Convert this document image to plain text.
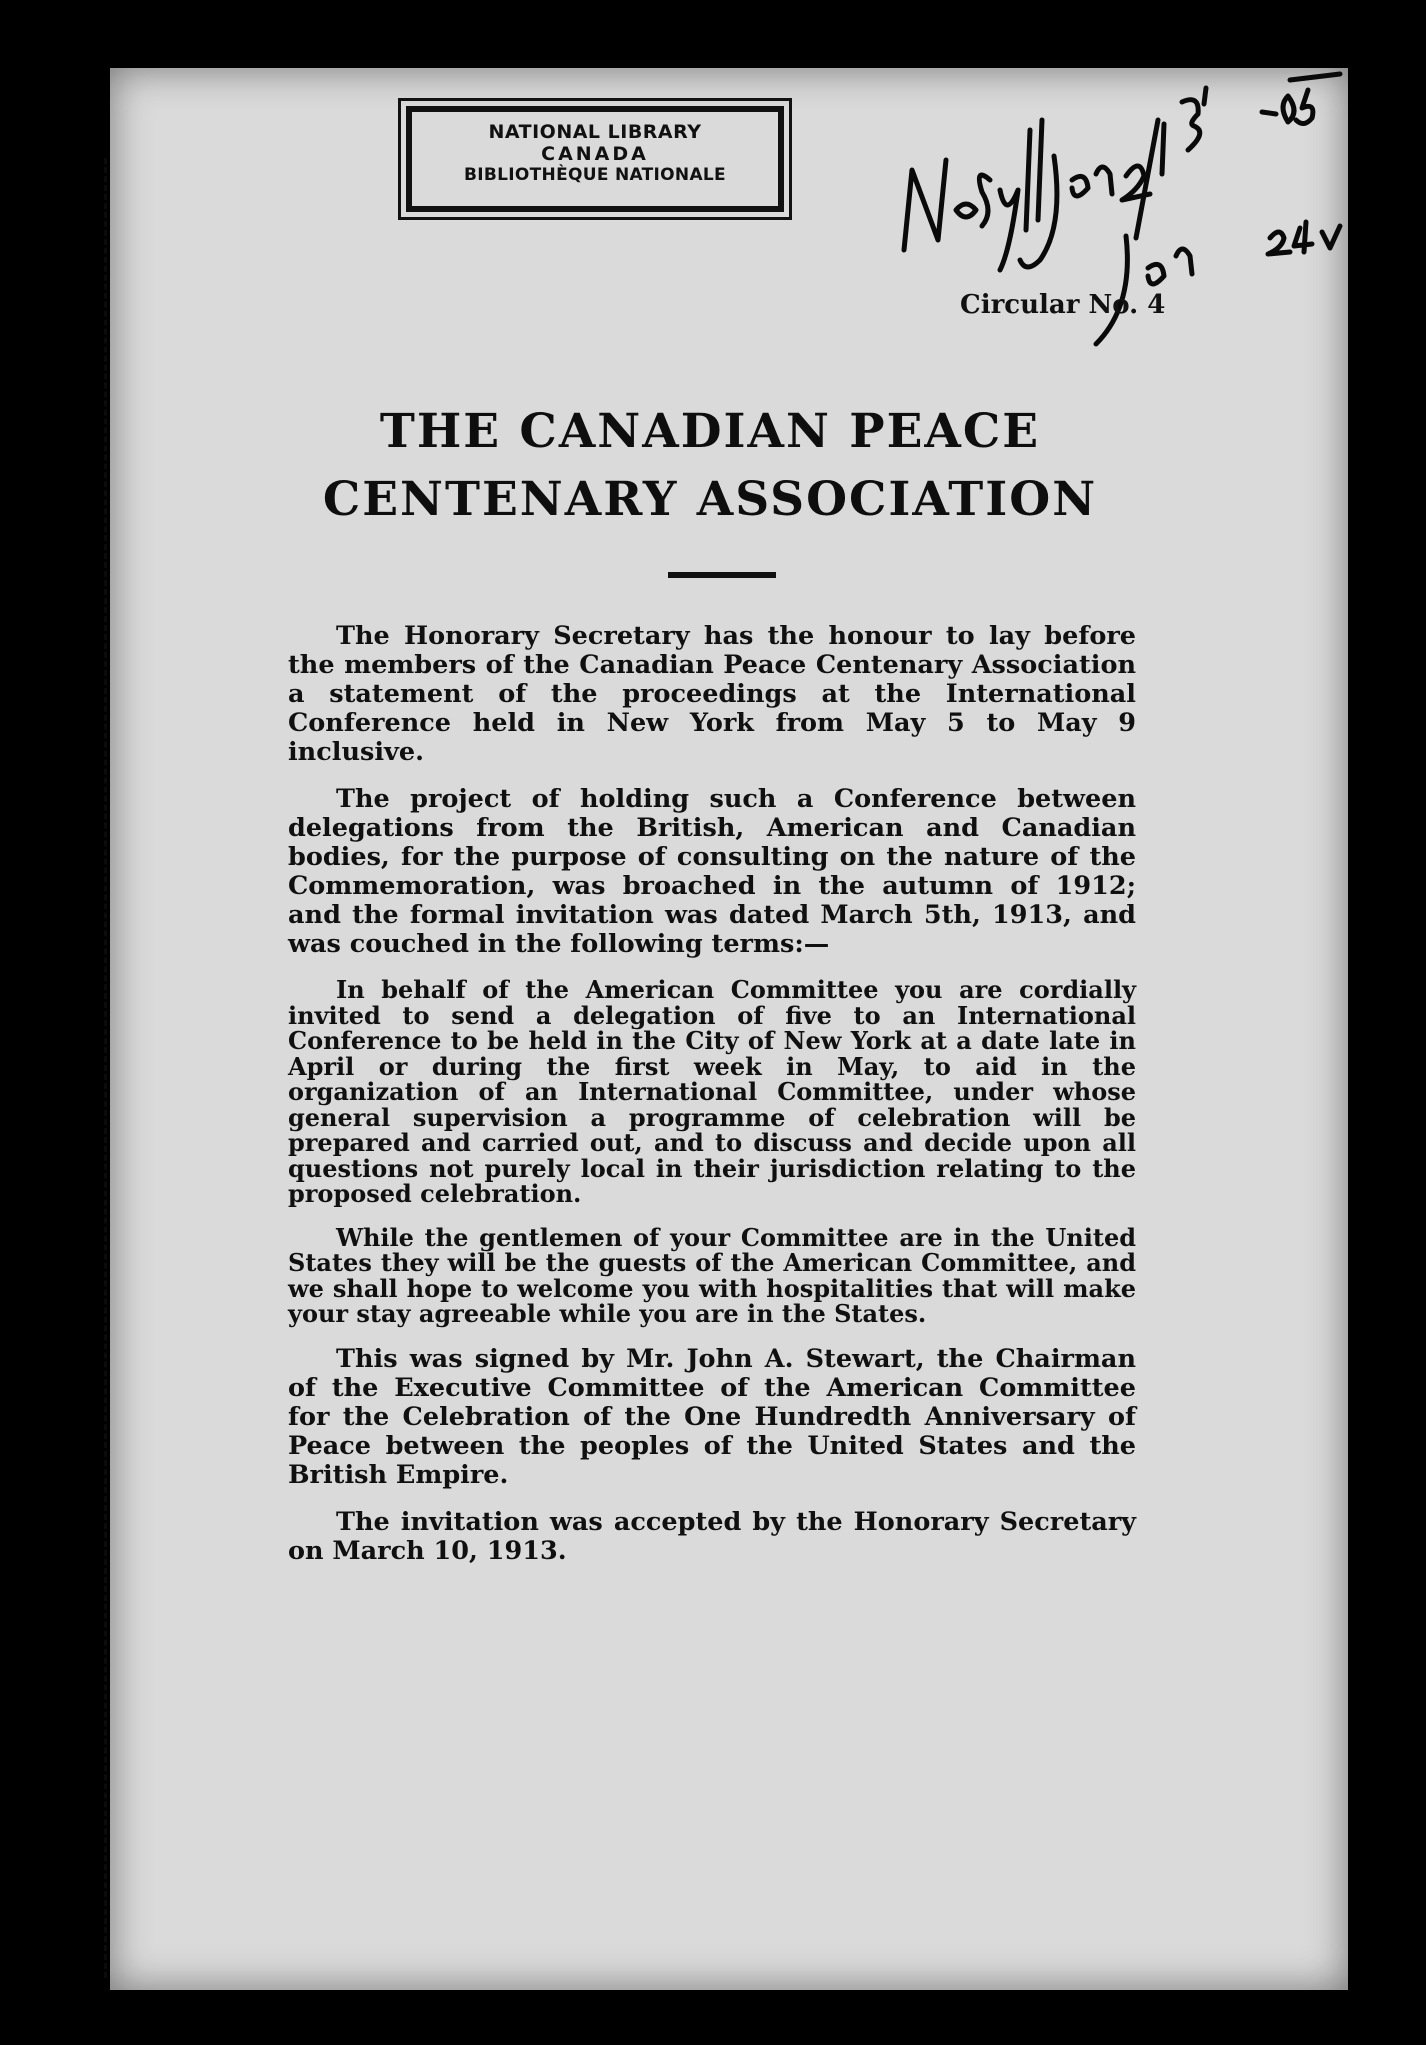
NATIONAL LIBRARY
CANADA
BIBLIOTHÈQUE NATIONALE
Circular No. 4
THE CANADIAN PEACE
CENTENARY ASSOCIATION

The Honorary Secretary has the honour to lay before the members of the Canadian Peace Centenary Association a statement of the proceedings at the International Conference held in New York from May 5 to May 9 inclusive.

The project of holding such a Conference between delegations from the British, American and Canadian bodies, for the purpose of consulting on the nature of the Commemoration, was broached in the autumn of 1912; and the formal invitation was dated March 5th, 1913, and was couched in the following terms:—

In behalf of the American Committee you are cordially invited to send a delegation of five to an International Conference to be held in the City of New York at a date late in April or during the first week in May, to aid in the organization of an International Committee, under whose general supervision a programme of celebration will be prepared and carried out, and to discuss and decide upon all questions not purely local in their jurisdiction relating to the proposed celebration.

While the gentlemen of your Committee are in the United States they will be the guests of the American Committee, and we shall hope to welcome you with hospitalities that will make your stay agreeable while you are in the States.

This was signed by Mr. John A. Stewart, the Chairman of the Executive Committee of the American Committee for the Celebration of the One Hundredth Anniversary of Peace between the peoples of the United States and the British Empire.

The invitation was accepted by the Honorary Secretary on March 10, 1913.
